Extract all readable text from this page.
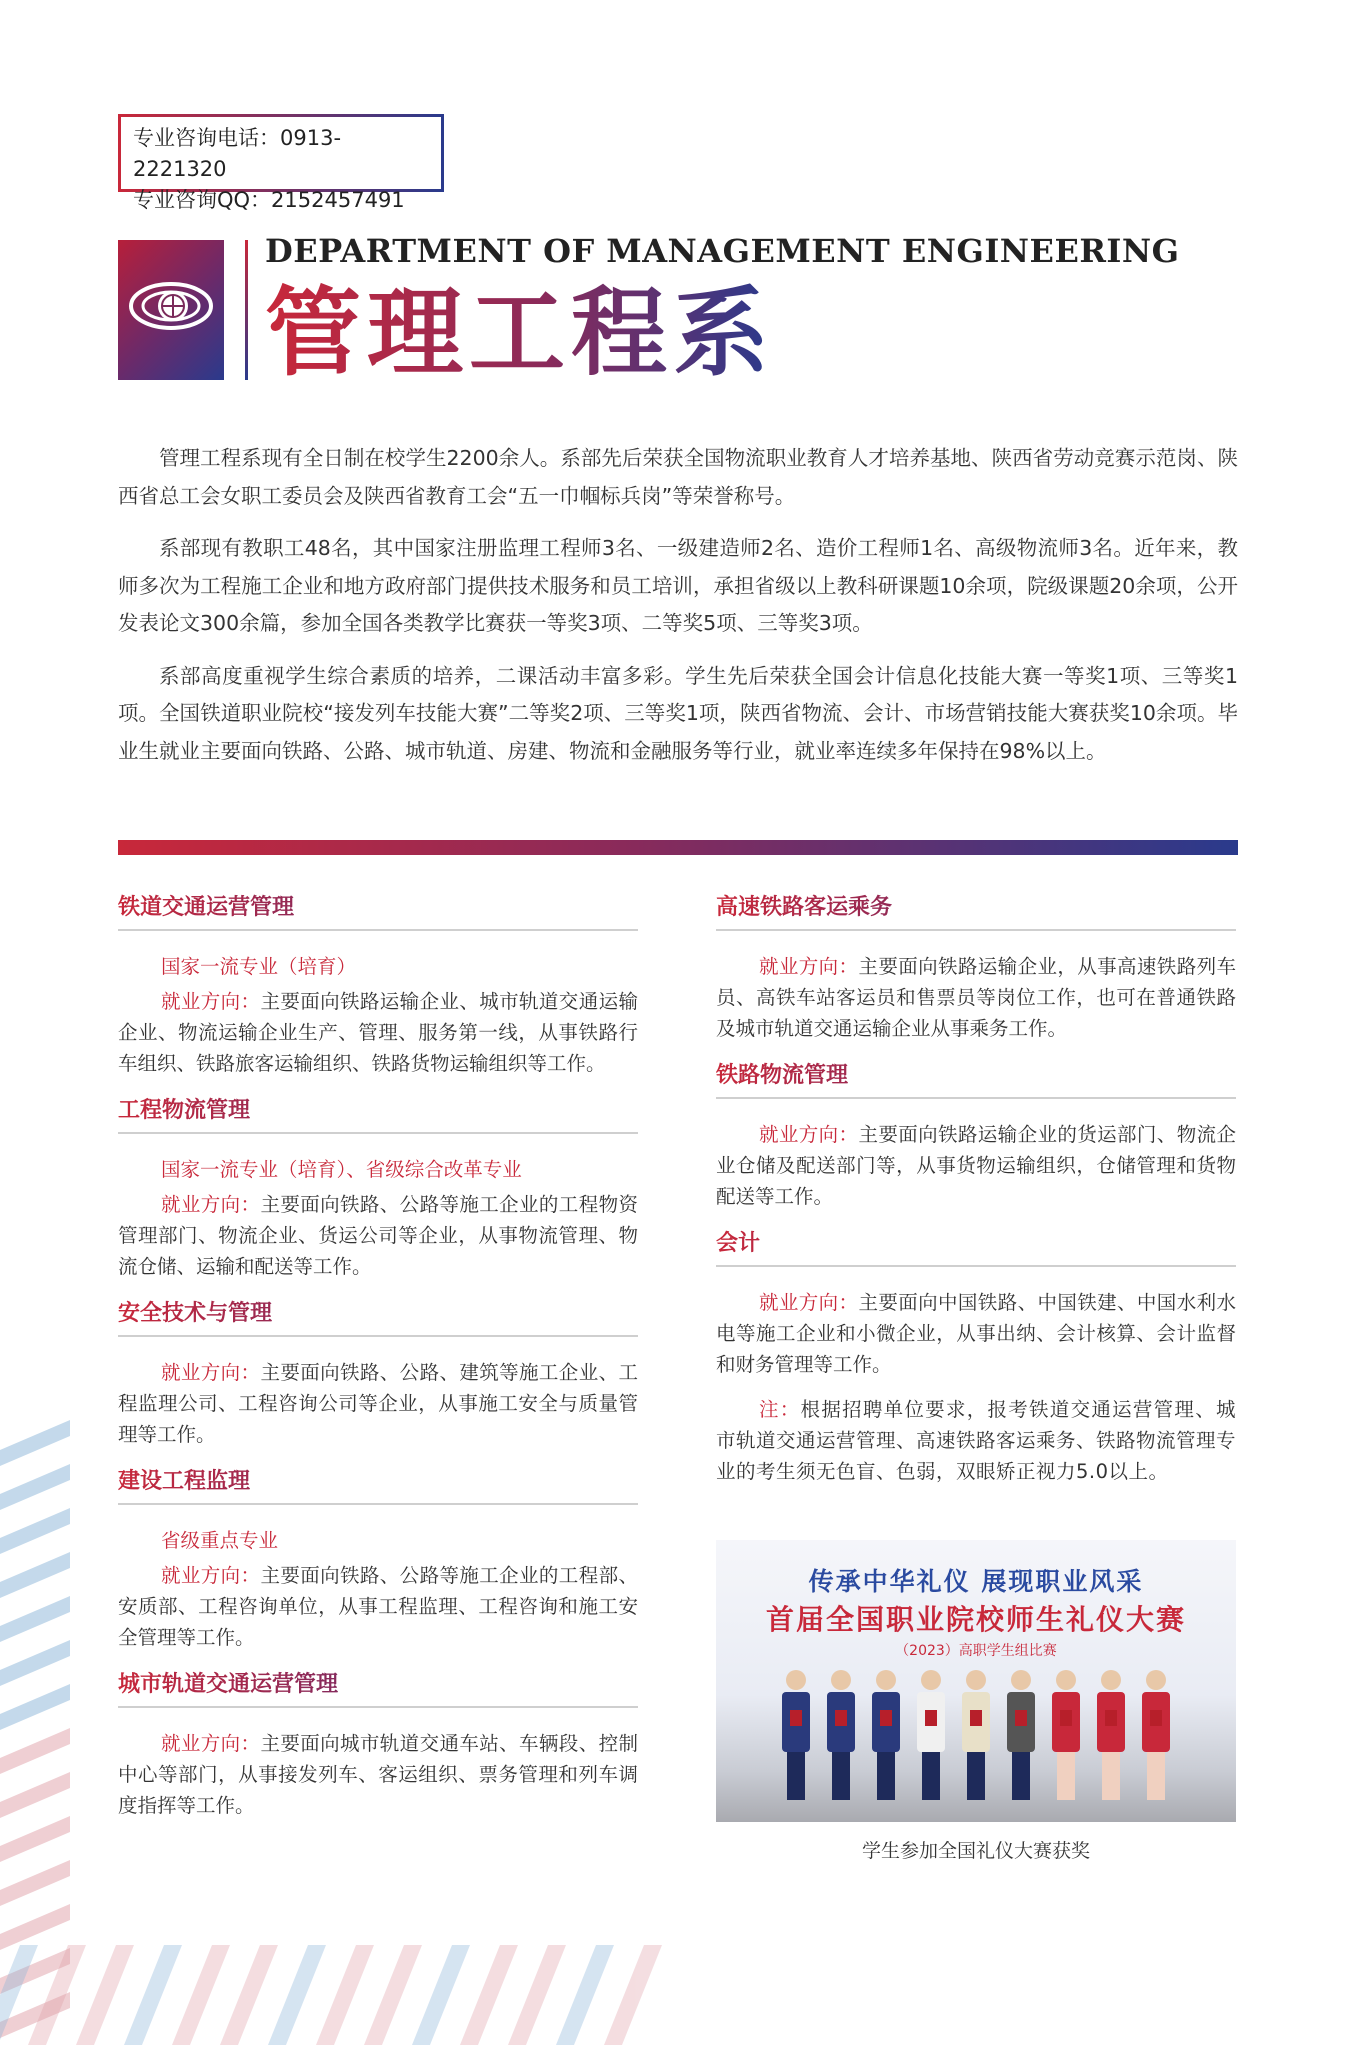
专业咨询电话：0913-2221320
专业咨询QQ：2152457491
DEPARTMENT OF MANAGEMENT ENGINEERING
管理工程系

管理工程系现有全日制在校学生2200余人。系部先后荣获全国物流职业教育人才培养基地、陕西省劳动竞赛示范岗、陕西省总工会女职工委员会及陕西省教育工会“五一巾帼标兵岗”等荣誉称号。

系部现有教职工48名，其中国家注册监理工程师3名、一级建造师2名、造价工程师1名、高级物流师3名。近年来，教师多次为工程施工企业和地方政府部门提供技术服务和员工培训，承担省级以上教科研课题10余项，院级课题20余项，公开发表论文300余篇，参加全国各类教学比赛获一等奖3项、二等奖5项、三等奖3项。

系部高度重视学生综合素质的培养，二课活动丰富多彩。学生先后荣获全国会计信息化技能大赛一等奖1项、三等奖1项。全国铁道职业院校“接发列车技能大赛”二等奖2项、三等奖1项，陕西省物流、会计、市场营销技能大赛获奖10余项。毕业生就业主要面向铁路、公路、城市轨道、房建、物流和金融服务等行业，就业率连续多年保持在98%以上。

铁道交通运营管理
国家一流专业（培育）
就业方向：主要面向铁路运输企业、城市轨道交通运输企业、物流运输企业生产、管理、服务第一线，从事铁路行车组织、铁路旅客运输组织、铁路货物运输组织等工作。
工程物流管理
国家一流专业（培育）、省级综合改革专业
就业方向：主要面向铁路、公路等施工企业的工程物资管理部门、物流企业、货运公司等企业，从事物流管理、物流仓储、运输和配送等工作。
安全技术与管理
就业方向：主要面向铁路、公路、建筑等施工企业、工程监理公司、工程咨询公司等企业，从事施工安全与质量管理等工作。
建设工程监理
省级重点专业
就业方向：主要面向铁路、公路等施工企业的工程部、安质部、工程咨询单位，从事工程监理、工程咨询和施工安全管理等工作。
城市轨道交通运营管理
就业方向：主要面向城市轨道交通车站、车辆段、控制中心等部门，从事接发列车、客运组织、票务管理和列车调度指挥等工作。
高速铁路客运乘务
就业方向：主要面向铁路运输企业，从事高速铁路列车员、高铁车站客运员和售票员等岗位工作，也可在普通铁路及城市轨道交通运输企业从事乘务工作。
铁路物流管理
就业方向：主要面向铁路运输企业的货运部门、物流企业仓储及配送部门等，从事货物运输组织，仓储管理和货物配送等工作。
会计
就业方向：主要面向中国铁路、中国铁建、中国水利水电等施工企业和小微企业，从事出纳、会计核算、会计监督和财务管理等工作。
注：根据招聘单位要求，报考铁道交通运营管理、城市轨道交通运营管理、高速铁路客运乘务、铁路物流管理专业的考生须无色盲、色弱，双眼矫正视力5.0以上。
传承中华礼仪 展现职业风采
首届全国职业院校师生礼仪大赛
（2023）高职学生组比赛
学生参加全国礼仪大赛获奖
